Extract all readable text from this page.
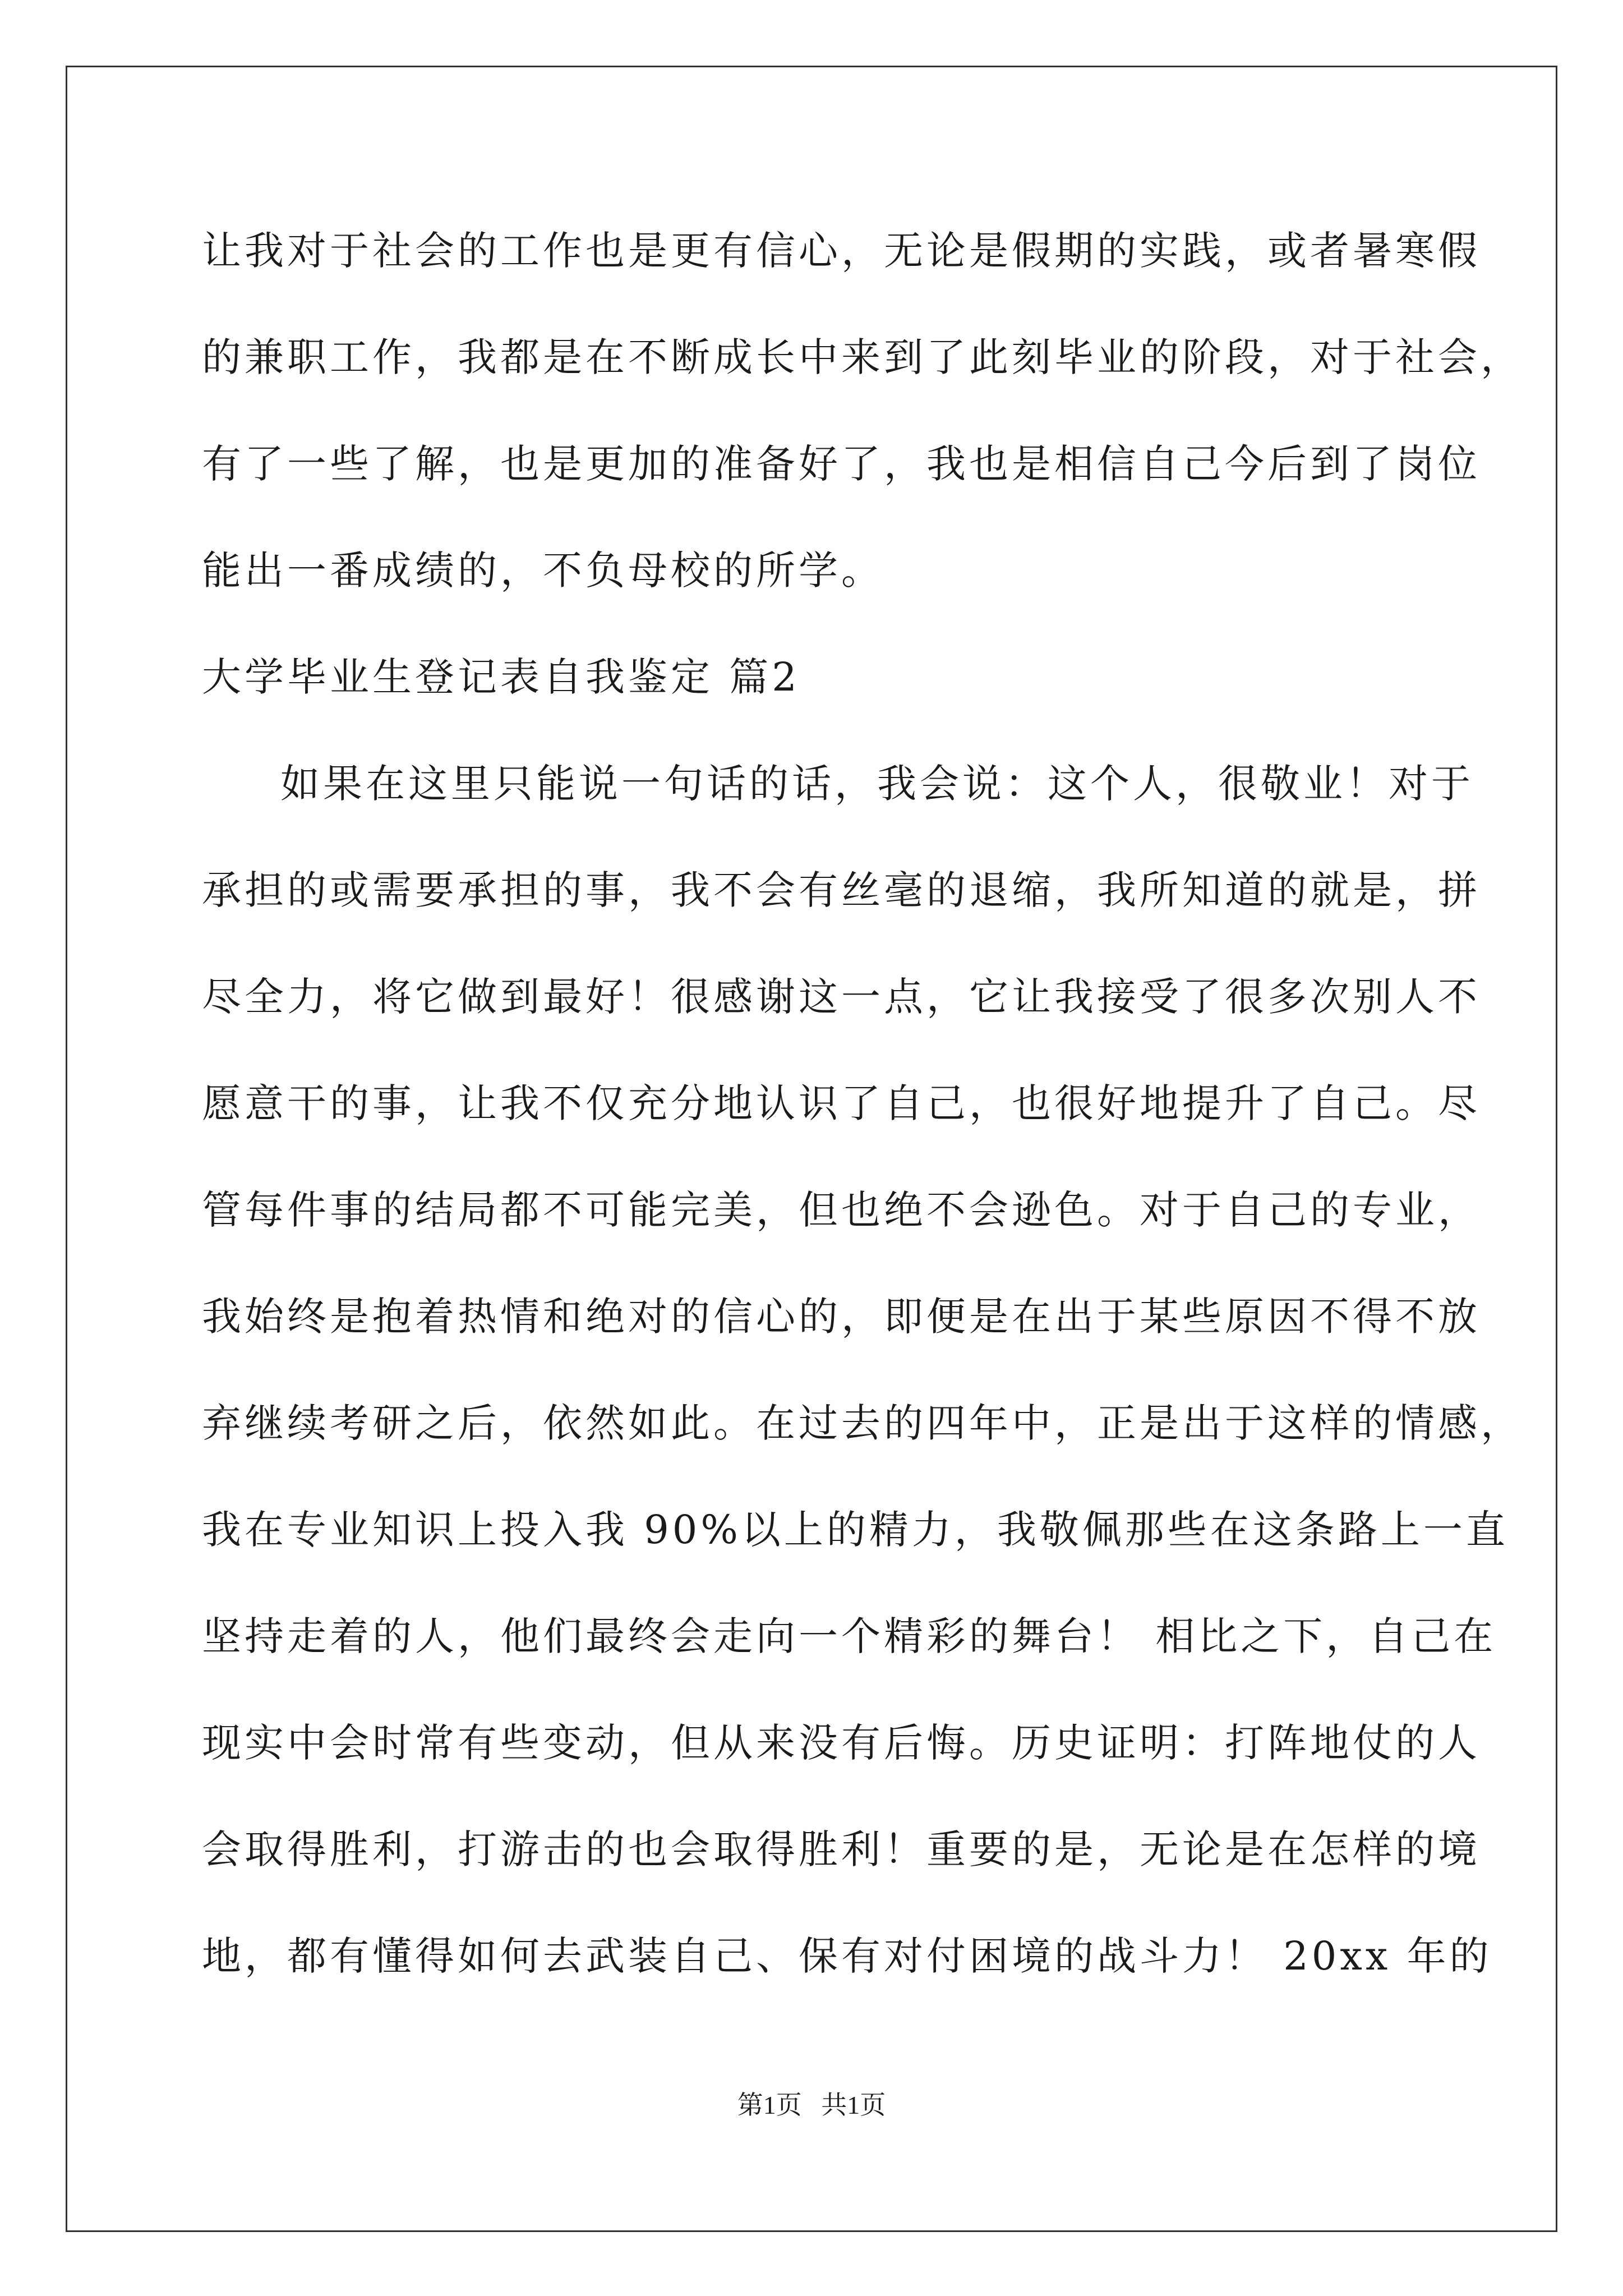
让我对于社会的工作也是更有信心，无论是假期的实践，或者暑寒假
的兼职工作，我都是在不断成长中来到了此刻毕业的阶段，对于社会，
有了一些了解，也是更加的准备好了，我也是相信自己今后到了岗位
能出一番成绩的，不负母校的所学。
大学毕业生登记表自我鉴定 篇2
如果在这里只能说一句话的话，我会说：这个人，很敬业！对于
承担的或需要承担的事，我不会有丝毫的退缩，我所知道的就是，拼
尽全力，将它做到最好！很感谢这一点，它让我接受了很多次别人不
愿意干的事，让我不仅充分地认识了自己，也很好地提升了自己。尽
管每件事的结局都不可能完美，但也绝不会逊色。对于自己的专业，
我始终是抱着热情和绝对的信心的，即便是在出于某些原因不得不放
弃继续考研之后，依然如此。在过去的四年中，正是出于这样的情感，
我在专业知识上投入我 90%以上的精力，我敬佩那些在这条路上一直
坚持走着的人，他们最终会走向一个精彩的舞台！ 相比之下，自己在
现实中会时常有些变动，但从来没有后悔。历史证明：打阵地仗的人
会取得胜利，打游击的也会取得胜利！重要的是，无论是在怎样的境
地，都有懂得如何去武装自己、保有对付困境的战斗力！ 20xx 年的
第1页   共1页
